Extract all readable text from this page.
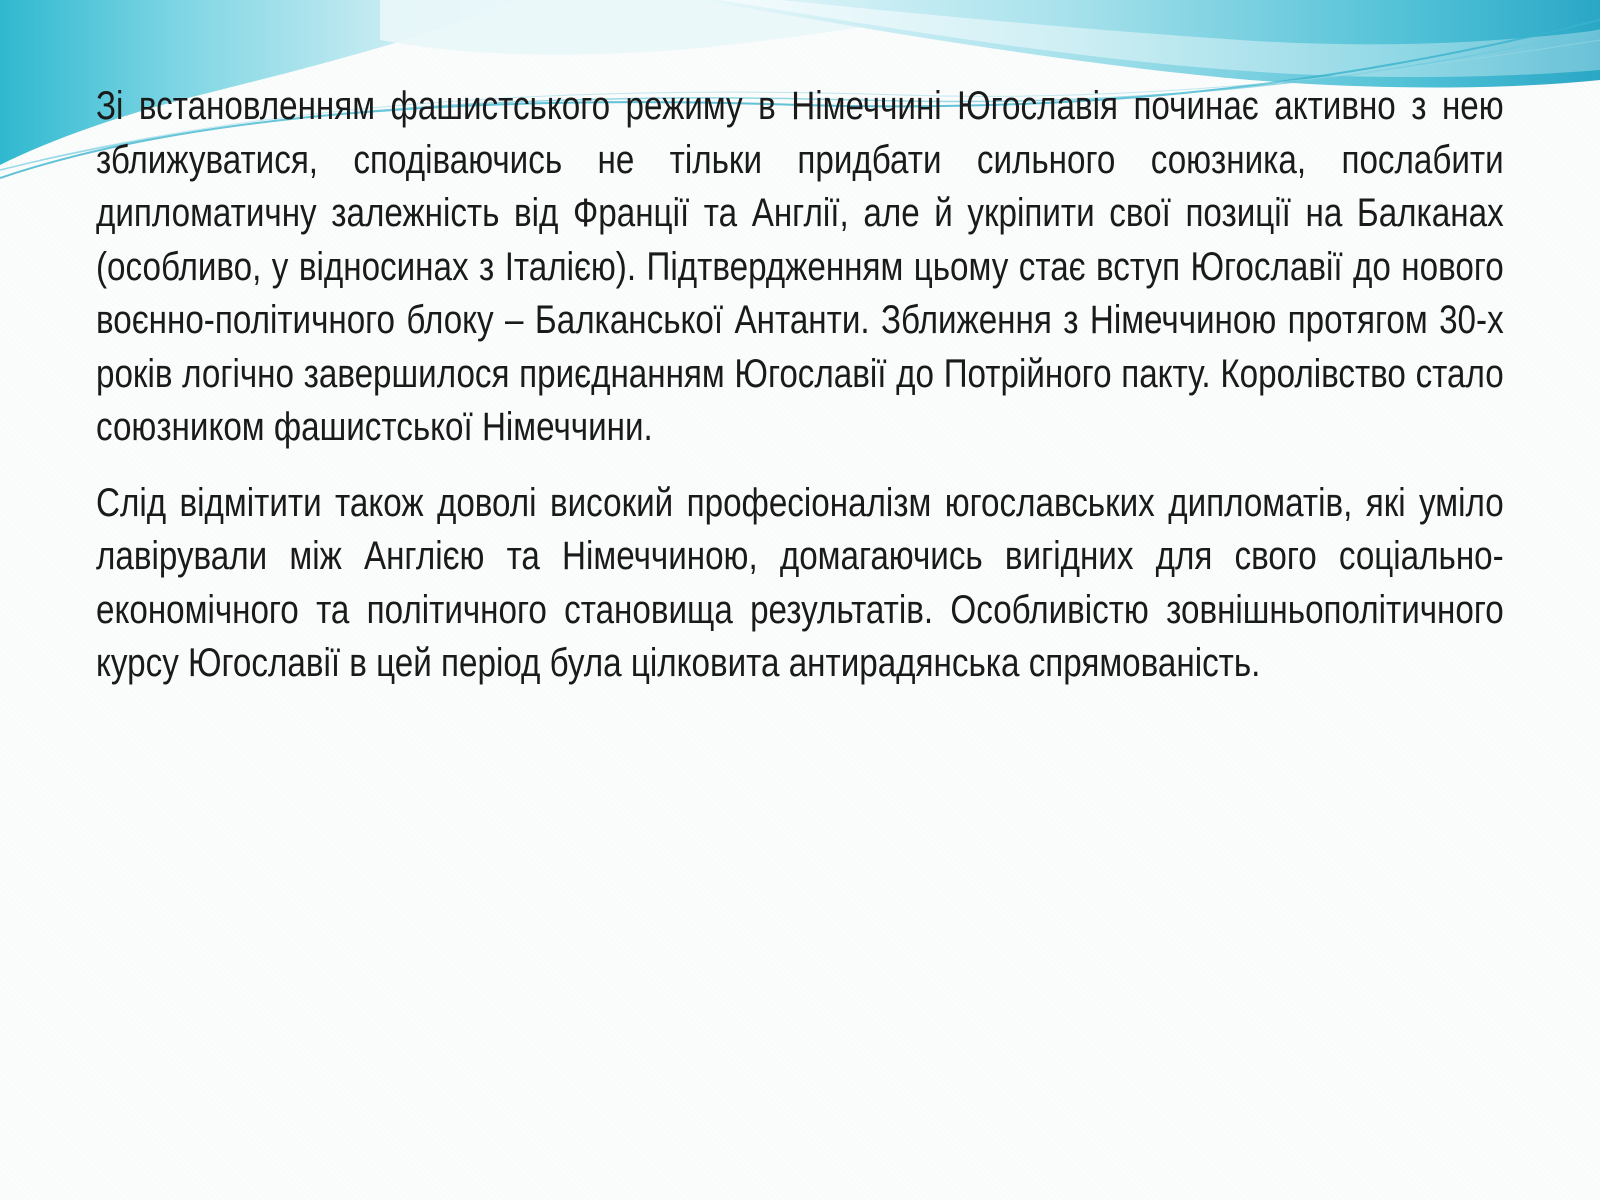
Зі встановленням фашистського режиму в Німеччині Югославія починає активно з нею зближуватися, сподіваючись не тільки придбати сильного союзника, послабити дипломатичну залежність від Франції та Англії, але й укріпити свої позиції на Балканах (особливо, у відносинах з Італією). Підтвердженням цьому стає вступ Югославії до нового воєнно-політичного блоку – Балканської Антанти. Зближення з Німеччиною протягом 30-х років логічно завершилося приєднанням Югославії до Потрійного пакту. Королівство стало союзником фашистської Німеччини.

Слід відмітити також доволі високий професіоналізм югославських дипломатів, які уміло лавірували між Англією та Німеччиною, домагаючись вигідних для свого соціально-економічного та політичного становища результатів. Особливістю зовнішньополітичного курсу Югославії в цей період була цілковита антирадянська спрямованість.
